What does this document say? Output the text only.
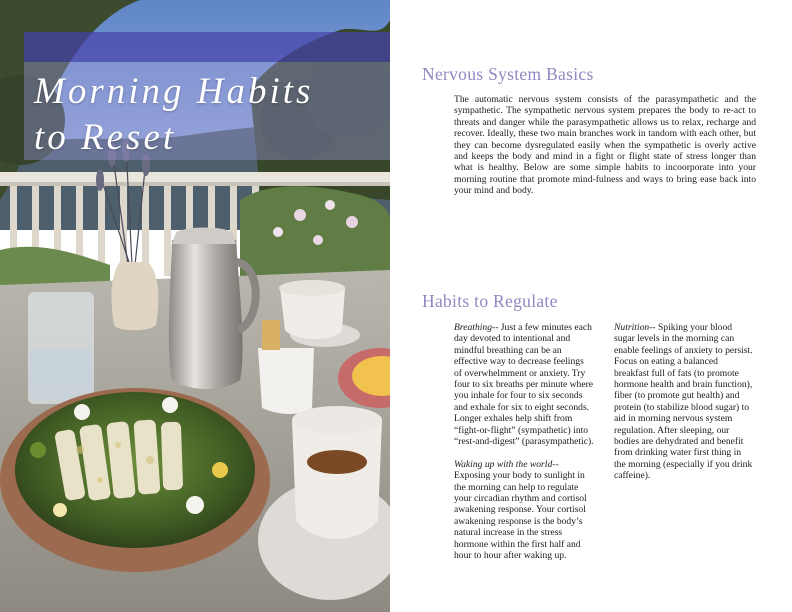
Morning Habits
to Reset
Nervous System Basics
The automatic nervous system consists of the parasympathetic and the sympathetic. The sympathetic nervous system prepares the body to re-act to threats and danger while the parasympathetic allows us to relax, recharge and recover. Ideally, these two main branches work in tandom with each other, but they can become dysregulated easily when the sympathetic is overly active and keeps the body and mind in a fight or flight state of stress longer than what is healthy. Below are some simple habits to incoorporate into your morning routine that promote mind-fulness and ways to bring ease back into your mind and body.
Habits to Regulate

Breathing-- Just a few minutes each day devoted to intentional and mindful breathing can be an effective way to decrease feelings of overwhelmment or anxiety. Try four to six breaths per minute where you inhale for four to six seconds and exhale for six to eight seconds. Longer exhales help shift from “fight-or-flight” (sympathetic) into “rest-and-digest” (parasympathetic).

Waking up with the world-- Exposing your body to sunlight in the morning can help to regulate your circadian rhythm and cortisol awakening response. Your cortisol awakening response is the body’s natural increase in the stress hormone within the first half and hour to hour after waking up.

Nutrition-- Spiking your blood sugar levels in the morning can enable feelings of anxiety to persist. Focus on eating a balanced breakfast full of fats (to promote hormone health and brain function), fiber (to promote gut health) and protein (to stabilize blood sugar) to aid in morning nervous system regulation. After sleeping, our bodies are dehydrated and benefit from drinking water first thing in the morning (especially if you drink caffeine).
